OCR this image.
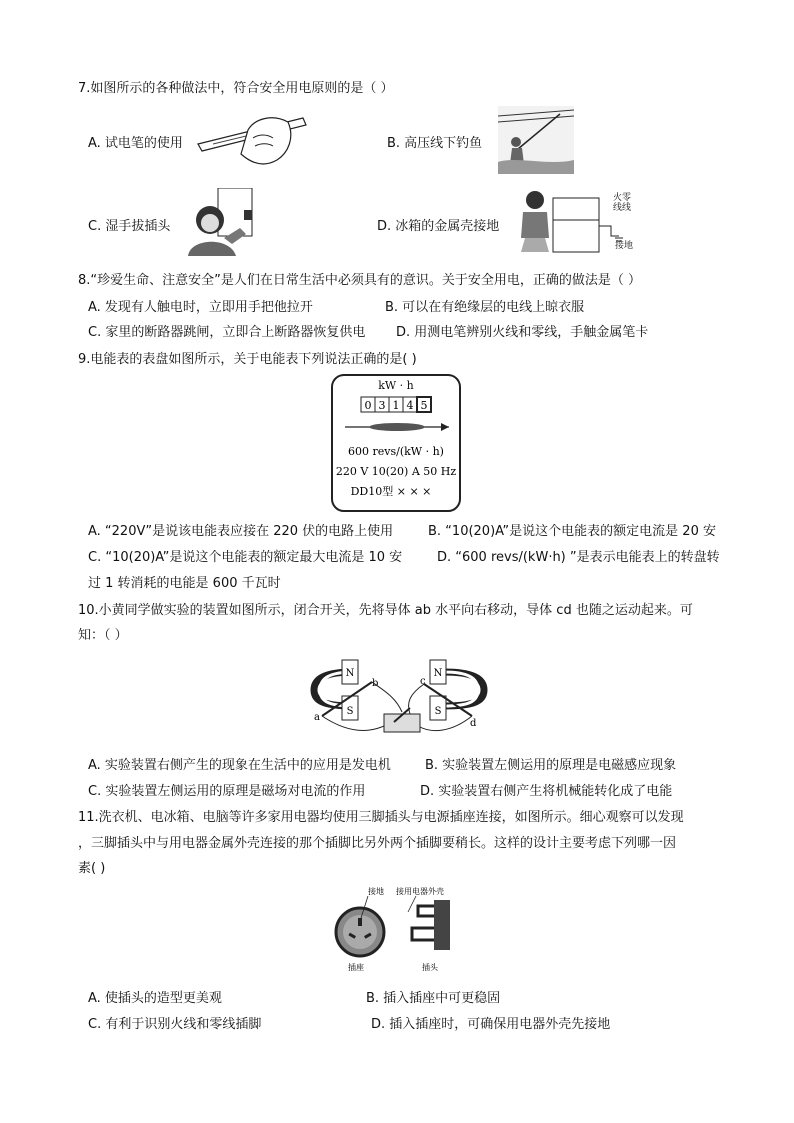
7.如图所示的各种做法中，符合安全用电原则的是（ ）
A. 试电笔的使用	B. 高压线下钓鱼
C. 湿手拔插头	D. 冰箱的金属壳接地
火零
线线
接地
8.“珍爱生命、注意安全”是人们在日常生活中必须具有的意识。关于安全用电，正确的做法是（ ）
A. 发现有人触电时，立即用手把他拉开	B. 可以在有绝缘层的电线上晾衣服
C. 家里的断路器跳闸，立即合上断路器恢复供电 D. 用测电笔辨别火线和零线，手触金属笔卡
9.电能表的表盘如图所示，关于电能表下列说法正确的是( )
kW · h
0 3 1 4 5
600 revs/(kW · h)
220 V 10(20) A 50 Hz
DD10型 × × ×
A. “220V”是说该电能表应接在 220 伏的电路上使用	B. “10(20)A”是说这个电能表的额定电流是 20 安
C. “10(20)A”是说这个电能表的额定最大电流是 10 安	D. “600 revs/(kW·h) ”是表示电能表上的转盘转
过 1 转消耗的电能是 600 千瓦时
10.小黄同学做实验的装置如图所示，闭合开关，先将导体 ab 水平向右移动，导体 cd 也随之运动起来。可
知：（ ）
N
S
a
b
N
S
c
d
A. 实验装置右侧产生的现象在生活中的应用是发电机	B. 实验装置左侧运用的原理是电磁感应现象
C. 实验装置左侧运用的原理是磁场对电流的作用	D. 实验装置右侧产生将机械能转化成了电能
11.洗衣机、电冰箱、电脑等许多家用电器均使用三脚插头与电源插座连接，如图所示。细心观察可以发现
，三脚插头中与用电器金属外壳连接的那个插脚比另外两个插脚要稍长。这样的设计主要考虑下列哪一因
素( )
接地 接用电器外壳
插座	插头
A. 使插头的造型更美观	B. 插入插座中可更稳固
C. 有利于识别火线和零线插脚	D. 插入插座时，可确保用电器外壳先接地
